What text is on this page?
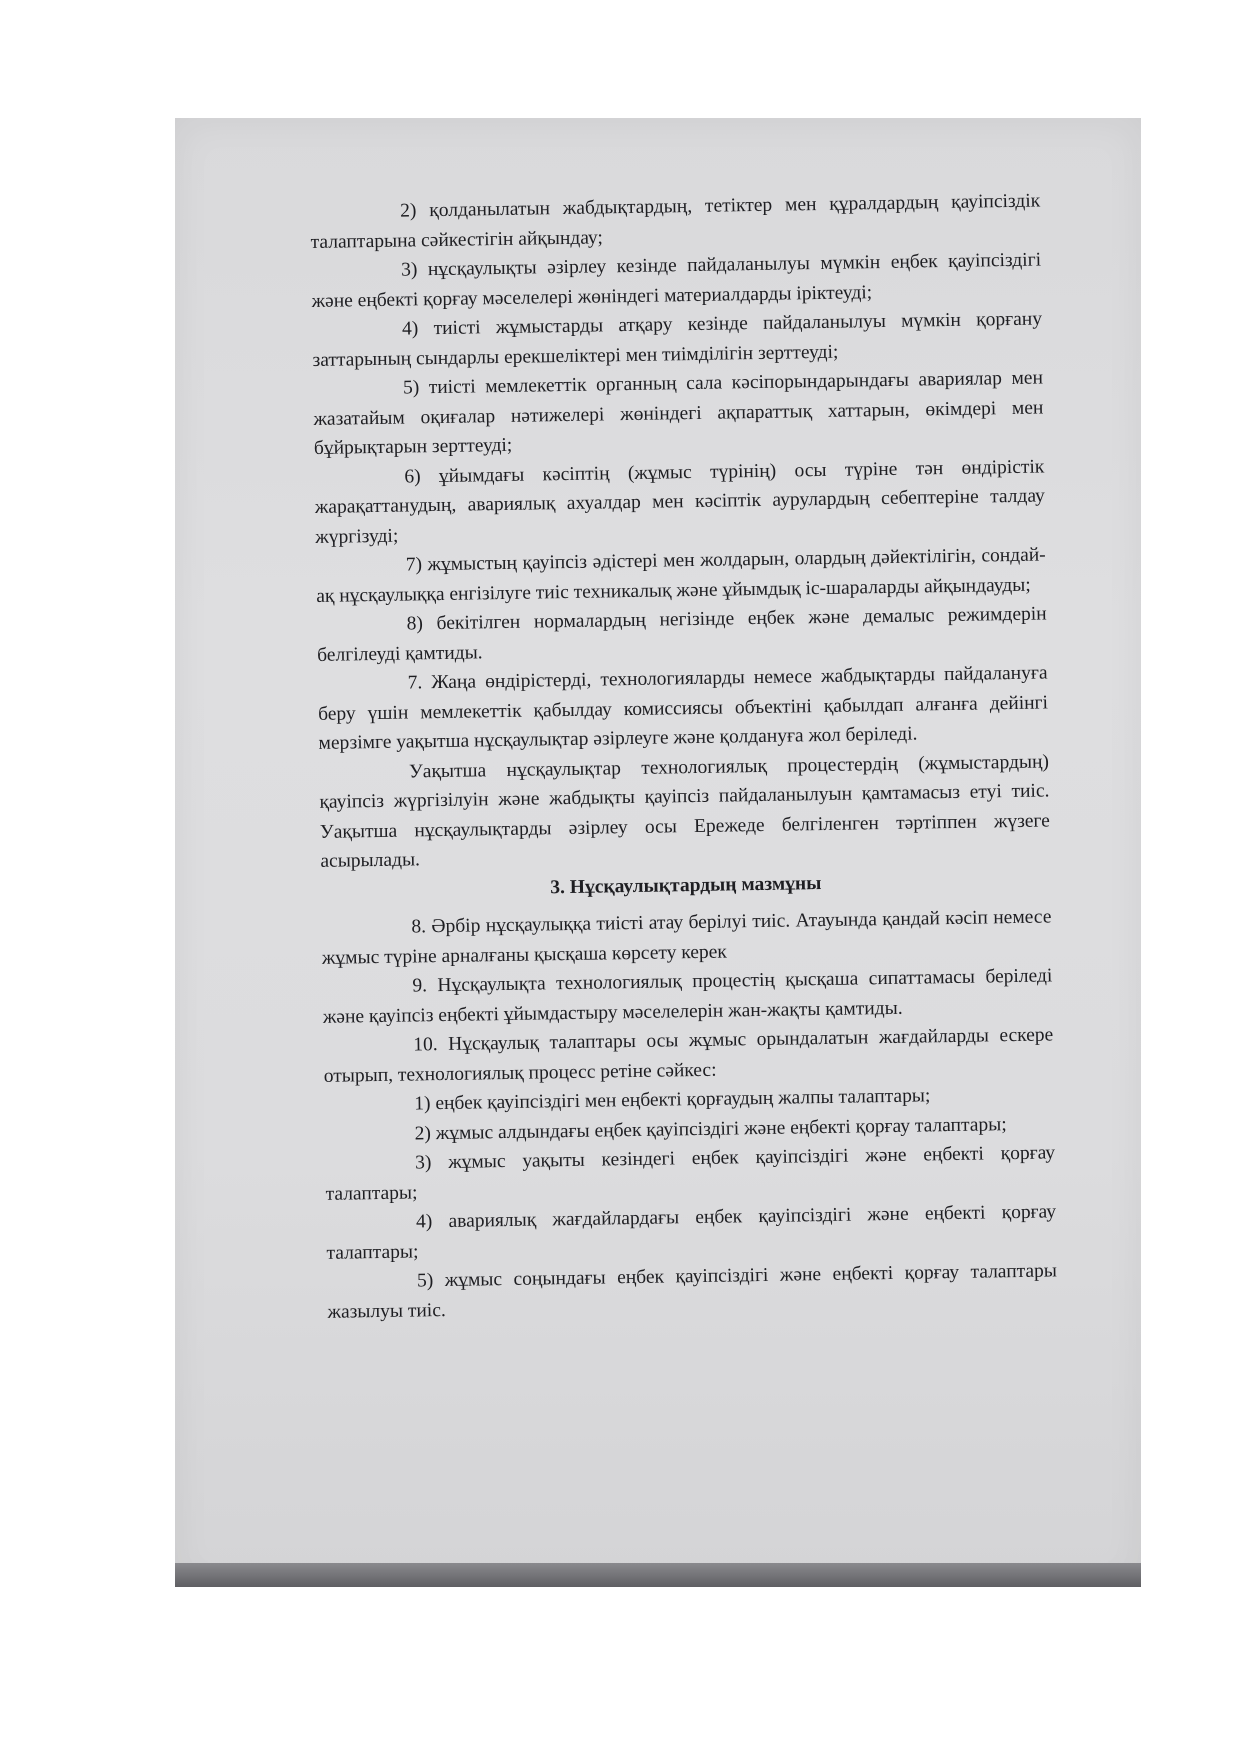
2) қолданылатын жабдықтардың, тетіктер мен құралдардың қауіпсіздік талаптарына сәйкестігін айқындау;

3) нұсқаулықты әзірлеу кезінде пайдаланылуы мүмкін еңбек қауіпсіздігі және еңбекті қорғау мәселелері жөніндегі материалдарды іріктеуді;

4) тиісті жұмыстарды атқару кезінде пайдаланылуы мүмкін қорғану заттарының сындарлы ерекшеліктері мен тиімділігін зерттеуді;

5) тиісті мемлекеттік органның сала кәсіпорындарындағы авариялар мен жазатайым оқиғалар нәтижелері жөніндегі ақпараттық хаттарын, өкімдері мен бұйрықтарын зерттеуді;

6) ұйымдағы кәсіптің (жұмыс түрінің) осы түріне тән өндірістік жарақаттанудың, авариялық ахуалдар мен кәсіптік аурулардың себептеріне талдау жүргізуді;

7) жұмыстың қауіпсіз әдістері мен жолдарын, олардың дәйектілігін, сондай-ақ нұсқаулыққа енгізілуге тиіс техникалық және ұйымдық іс-шараларды айқындауды;

8) бекітілген нормалардың негізінде еңбек және демалыс режимдерін белгілеуді қамтиды.

7. Жаңа өндірістерді, технологияларды немесе жабдықтарды пайдалануға беру үшін мемлекеттік қабылдау комиссиясы объектіні қабылдап алғанға дейінгі мерзімге уақытша нұсқаулықтар әзірлеуге және қолдануға жол беріледі.

Уақытша нұсқаулықтар технологиялық процестердің (жұмыстардың) қауіпсіз жүргізілуін және жабдықты қауіпсіз пайдаланылуын қамтамасыз етуі тиіс. Уақытша нұсқаулықтарды әзірлеу осы Ережеде белгіленген тәртіппен жүзеге асырылады.

3. Нұсқаулықтардың мазмұны

8. Әрбір нұсқаулыққа тиісті атау берілуі тиіс. Атауында қандай кәсіп немесе жұмыс түріне арналғаны қысқаша көрсету керек

9. Нұсқаулықта технологиялық процестің қысқаша сипаттамасы беріледі және қауіпсіз еңбекті ұйымдастыру мәселелерін жан-жақты қамтиды.

10. Нұсқаулық талаптары осы жұмыс орындалатын жағдайларды ескере отырып, технологиялық процесс ретіне сәйкес:

1) еңбек қауіпсіздігі мен еңбекті қорғаудың жалпы талаптары;

2) жұмыс алдындағы еңбек қауіпсіздігі және еңбекті қорғау талаптары;

3) жұмыс уақыты кезіндегі еңбек қауіпсіздігі және еңбекті қорғау талаптары;

4) авариялық жағдайлардағы еңбек қауіпсіздігі және еңбекті қорғау талаптары;

5) жұмыс соңындағы еңбек қауіпсіздігі және еңбекті қорғау талаптары жазылуы тиіс.
